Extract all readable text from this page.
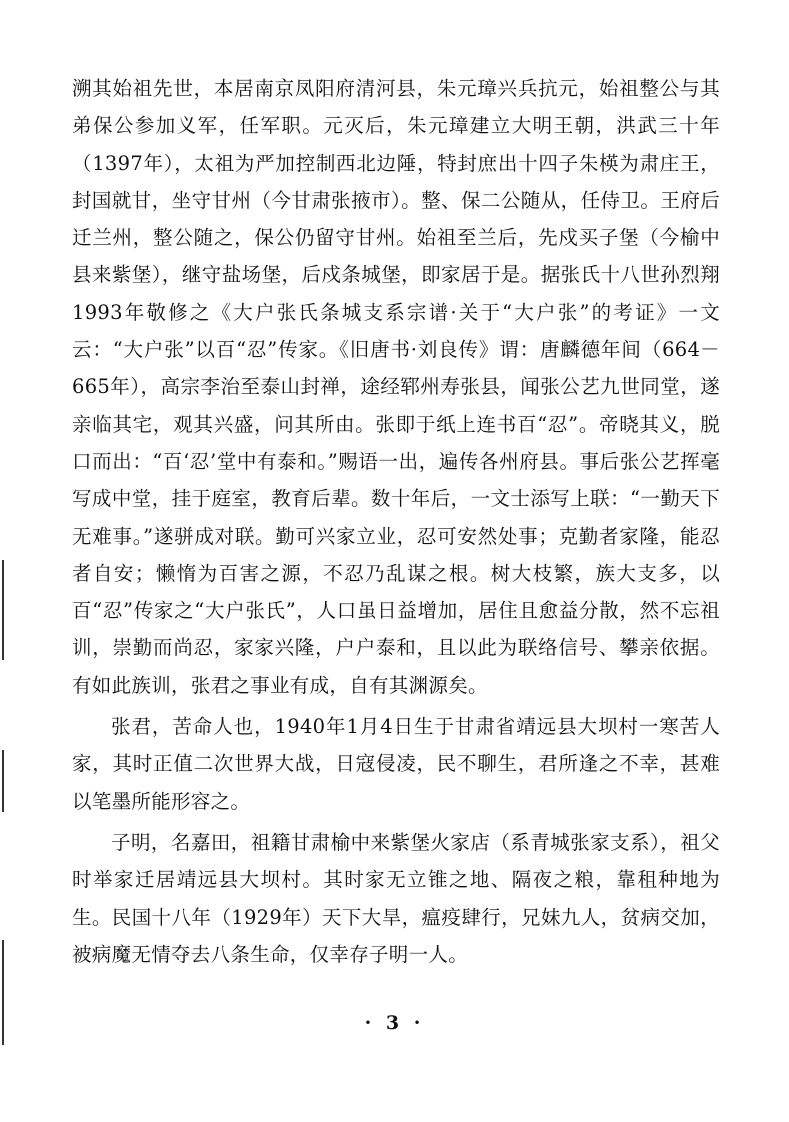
溯其始祖先世，本居南京凤阳府清河县，朱元璋兴兵抗元，始祖整公与其弟保公参加义军，任军职。元灭后，朱元璋建立大明王朝，洪武三十年（1397年），太祖为严加控制西北边陲，特封庶出十四子朱楧为肃庄王，封国就甘，坐守甘州（今甘肃张掖市）。整、保二公随从，任侍卫。王府后迁兰州，整公随之，保公仍留守甘州。始祖至兰后，先戍买子堡（今榆中县来紫堡），继守盐场堡，后戍条城堡，即家居于是。据张氏十八世孙烈翔1993年敬修之《大户张氏条城支系宗谱·关于“大户张”的考证》一文云：“大户张”以百“忍”传家。《旧唐书·刘良传》谓：唐麟德年间（664－665年），高宗李治至泰山封禅，途经郓州寿张县，闻张公艺九世同堂，遂亲临其宅，观其兴盛，问其所由。张即于纸上连书百“忍”。帝晓其义，脱口而出：“百‘忍’堂中有泰和。”赐语一出，遍传各州府县。事后张公艺挥毫写成中堂，挂于庭室，教育后辈。数十年后，一文士添写上联：“一勤天下无难事。”遂骈成对联。勤可兴家立业，忍可安然处事；克勤者家隆，能忍者自安；懒惰为百害之源，不忍乃乱谋之根。树大枝繁，族大支多，以百“忍”传家之“大户张氏”，人口虽日益增加，居住且愈益分散，然不忘祖训，崇勤而尚忍，家家兴隆，户户泰和，且以此为联络信号、攀亲依据。有如此族训，张君之事业有成，自有其渊源矣。

张君，苦命人也，1940年1月4日生于甘肃省靖远县大坝村一寒苦人家，其时正值二次世界大战，日寇侵凌，民不聊生，君所逢之不幸，甚难以笔墨所能形容之。

子明，名嘉田，祖籍甘肃榆中来紫堡火家店（系青城张家支系），祖父时举家迁居靖远县大坝村。其时家无立锥之地、隔夜之粮，靠租种地为生。民国十八年（1929年）天下大旱，瘟疫肆行，兄妹九人，贫病交加，被病魔无情夺去八条生命，仅幸存子明一人。

· 3 ·
